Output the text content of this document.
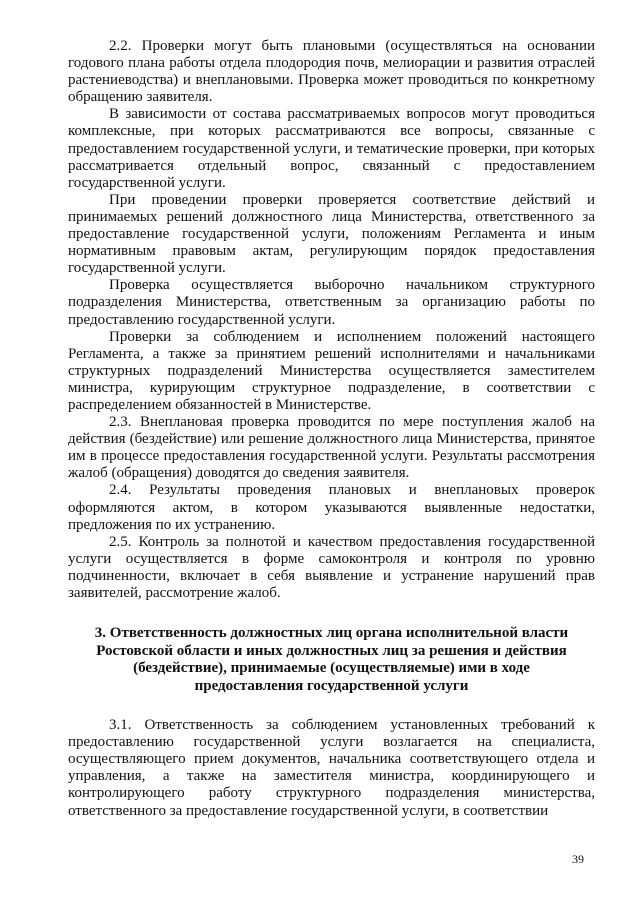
2.2. Проверки могут быть плановыми (осуществляться на основании годового плана работы отдела плодородия почв, мелиорации и развития отраслей растениеводства) и внеплановыми. Проверка может проводиться по конкретному обращению заявителя.

В зависимости от состава рассматриваемых вопросов могут проводиться комплексные, при которых рассматриваются все вопросы, связанные с предоставлением государственной услуги, и тематические проверки, при которых рассматривается отдельный вопрос, связанный с предоставлением государственной услуги.

При проведении проверки проверяется соответствие действий и принимаемых решений должностного лица Министерства, ответственного за предоставление государственной услуги, положениям Регламента и иным нормативным правовым актам, регулирующим порядок предоставления государственной услуги.

Проверка осуществляется выборочно начальником структурного подразделения Министерства, ответственным за организацию работы по предоставлению государственной услуги.

Проверки за соблюдением и исполнением положений настоящего Регламента, а также за принятием решений исполнителями и начальниками структурных подразделений Министерства осуществляется заместителем министра, курирующим структурное подразделение, в соответствии с распределением обязанностей в Министерстве.

2.3. Внеплановая проверка проводится по мере поступления жалоб на действия (бездействие) или решение должностного лица Министерства, принятое им в процессе предоставления государственной услуги. Результаты рассмотрения жалоб (обращения) доводятся до сведения заявителя.

2.4. Результаты проведения плановых и внеплановых проверок оформляются актом, в котором указываются выявленные недостатки, предложения по их устранению.

2.5. Контроль за полнотой и качеством предоставления государственной услуги осуществляется в форме самоконтроля и контроля по уровню подчиненности, включает в себя выявление и устранение нарушений прав заявителей, рассмотрение жалоб.

3. Ответственность должностных лиц органа исполнительной власти Ростовской области и иных должностных лиц за решения и действия (бездействие), принимаемые (осуществляемые) ими в ходе предоставления государственной услуги

3.1. Ответственность за соблюдением установленных требований к предоставлению государственной услуги возлагается на специалиста, осуществляющего прием документов, начальника соответствующего отдела и управления, а также на заместителя министра, координирующего и контролирующего работу структурного подразделения министерства, ответственного за предоставление государственной услуги, в соответствии

39
